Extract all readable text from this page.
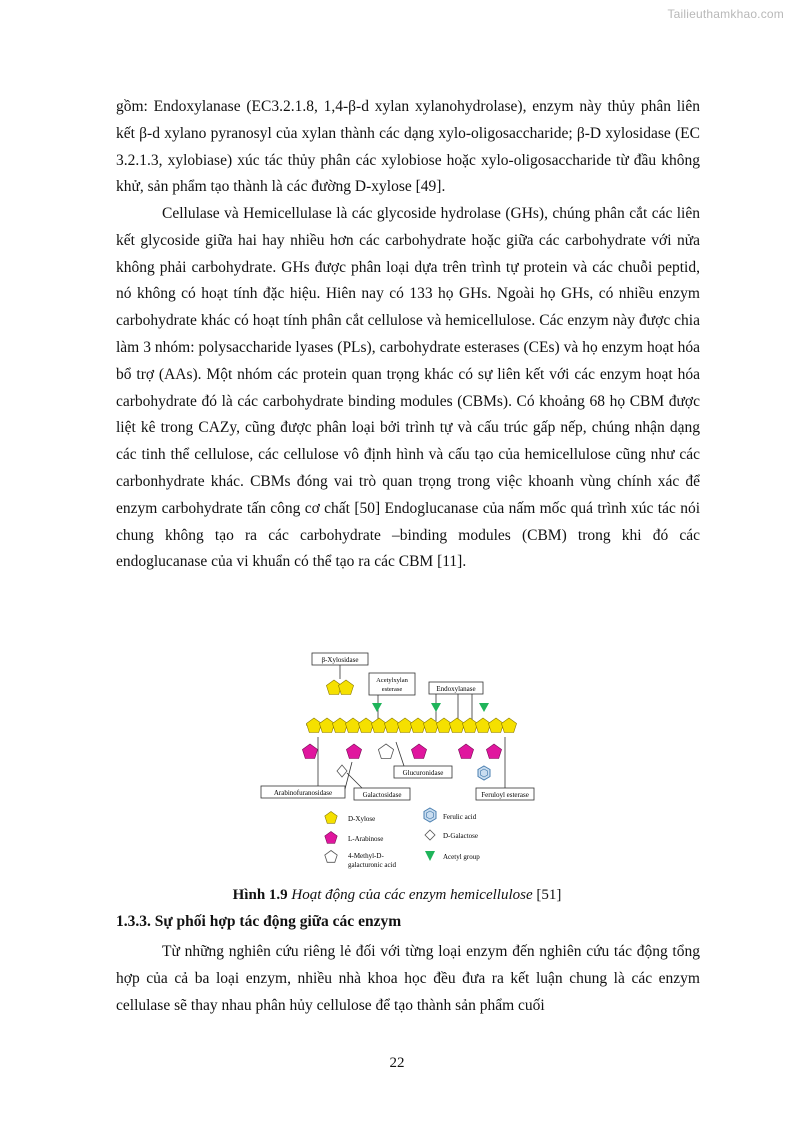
Tailieuthamkhao.com

gồm: Endoxylanase (EC3.2.1.8, 1,4-β-d xylan xylanohydrolase), enzym này thủy phân liên kết β-d xylano pyranosyl của xylan thành các dạng xylo-oligosaccharide; β-D xylosidase (EC 3.2.1.3, xylobiase) xúc tác thủy phân các xylobiose hoặc xylo-oligosaccharide từ đầu không khử, sản phẩm tạo thành là các đường D-xylose [49].

Cellulase và Hemicellulase là các glycoside hydrolase (GHs), chúng phân cắt các liên kết glycoside giữa hai hay nhiều hơn các carbohydrate hoặc giữa các carbohydrate với nửa không phải carbohydrate. GHs được phân loại dựa trên trình tự protein và các chuỗi peptid, nó không có hoạt tính đặc hiệu. Hiên nay có 133 họ GHs. Ngoài họ GHs, có nhiều enzym carbohydrate khác có hoạt tính phân cắt cellulose và hemicellulose. Các enzym này được chia làm 3 nhóm: polysaccharide lyases (PLs), carbohydrate esterases (CEs) và họ enzym hoạt hóa bổ trợ (AAs). Một nhóm các protein quan trọng khác có sự liên kết với các enzym hoạt hóa carbohydrate đó là các carbohydrate binding modules (CBMs). Có khoảng 68 họ CBM được liệt kê trong CAZy, cũng được phân loại bởi trình tự và cấu trúc gấp nếp, chúng nhận dạng các tinh thể cellulose, các cellulose vô định hình và cấu tạo của hemicellulose cũng như các carbonhydrate khác. CBMs đóng vai trò quan trọng trong việc khoanh vùng chính xác để enzym carbohydrate tấn công cơ chất [50] Endoglucanase của nấm mốc quá trình xúc tác nói chung không tạo ra các carbohydrate –binding modules (CBM) trong khi đó các endoglucanase của vi khuẩn có thể tạo ra các CBM [11].

β-Xylosidase
Acetylxylan
esterase	Endoxylanase
Arabinofuranosidase	Galactosidase
Glucuronidase
Feruloyl esterase
D-Xylose
L-Arabinose
4-Methyl-D-
galacturonic acid
Ferulic acid
D-Galactose
Acetyl group
Hình 1.9 Hoạt động của các enzym hemicellulose [51]
1.3.3. Sự phối hợp tác động giữa các enzym

Từ những nghiên cứu riêng lẻ đối với từng loại enzym đến nghiên cứu tác động tổng hợp của cả ba loại enzym, nhiều nhà khoa học đều đưa ra kết luận chung là các enzym cellulase sẽ thay nhau phân hủy cellulose để tạo thành sản phẩm cuối

22
